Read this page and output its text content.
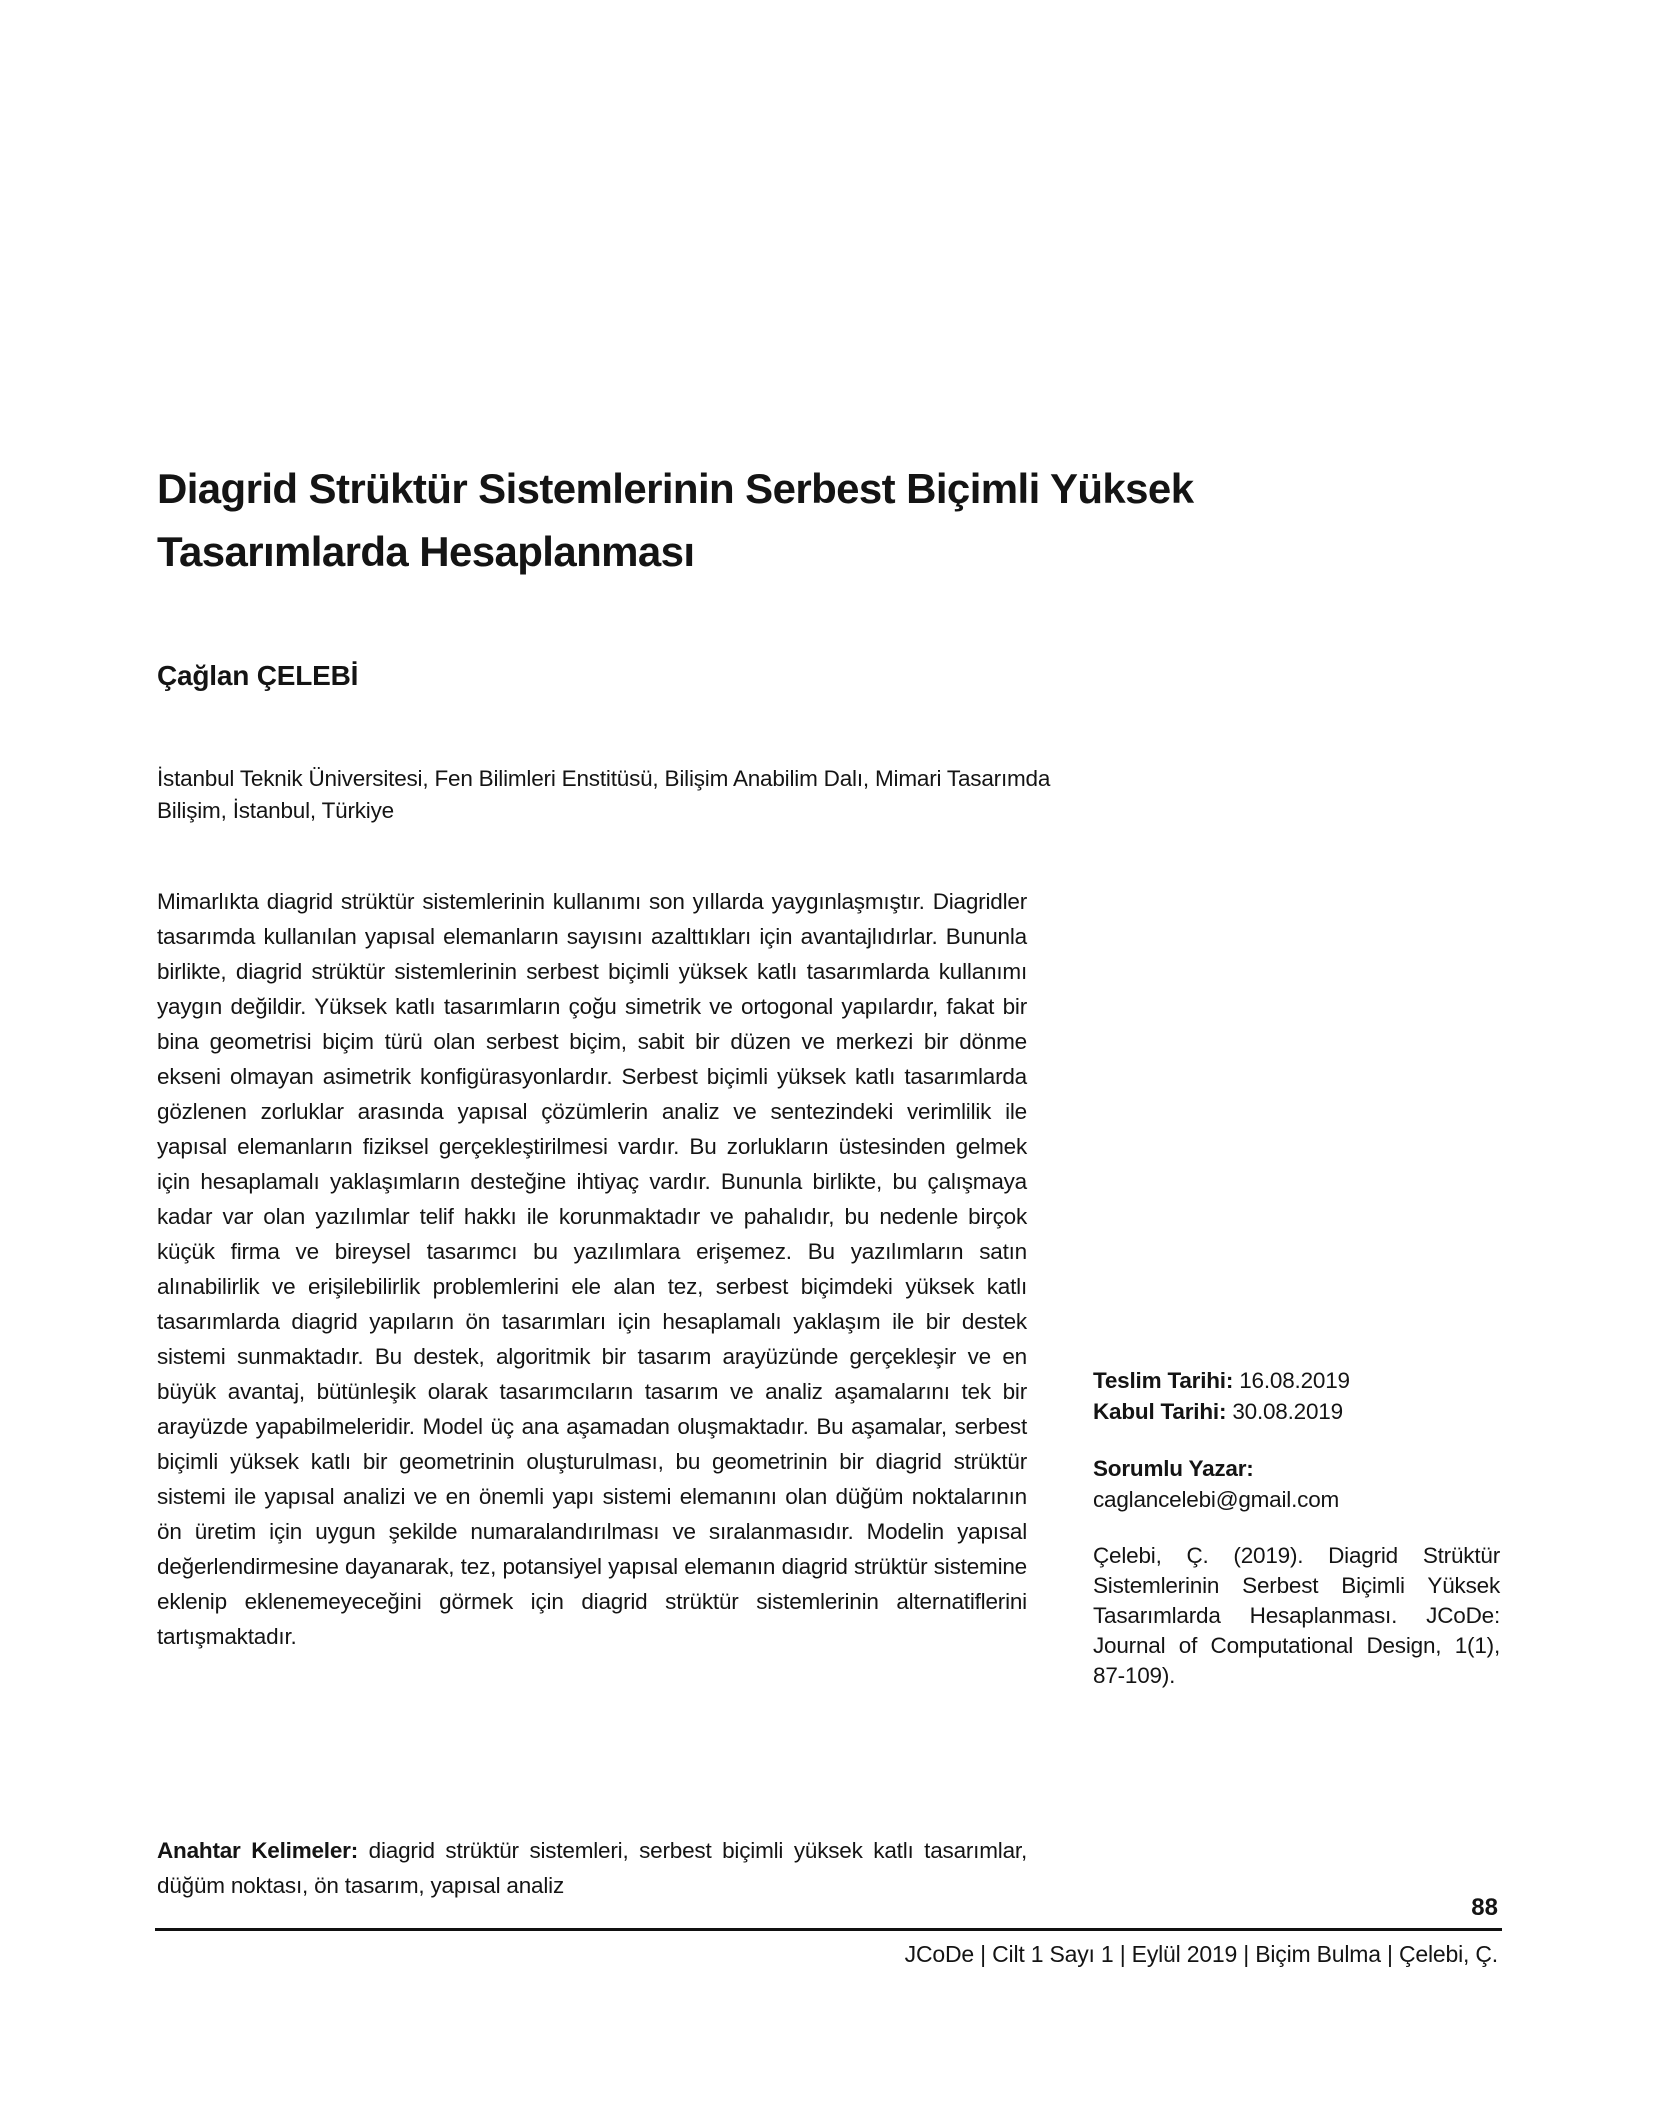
Diagrid Strüktür Sistemlerinin Serbest Biçimli Yüksek
Tasarımlarda Hesaplanması
Çağlan ÇELEBİ
İstanbul Teknik Üniversitesi, Fen Bilimleri Enstitüsü, Bilişim Anabilim Dalı, Mimari Tasarımda Bilişim, İstanbul, Türkiye
Mimarlıkta diagrid strüktür sistemlerinin kullanımı son yıllarda yaygınlaşmıştır. Diagridler tasarımda kullanılan yapısal elemanların sayısını azalttıkları için avantajlıdırlar. Bununla birlikte, diagrid strüktür sistemlerinin serbest biçimli yüksek katlı tasarımlarda kullanımı yaygın değildir. Yüksek katlı tasarımların çoğu simetrik ve ortogonal yapılardır, fakat bir bina geometrisi biçim türü olan serbest biçim, sabit bir düzen ve merkezi bir dönme ekseni olmayan asimetrik konfigürasyonlardır. Serbest biçimli yüksek katlı tasarımlarda gözlenen zorluklar arasında yapısal çözümlerin analiz ve sentezindeki verimlilik ile yapısal elemanların fiziksel gerçekleştirilmesi vardır. Bu zorlukların üstesinden gelmek için hesaplamalı yaklaşımların desteğine ihtiyaç vardır. Bununla birlikte, bu çalışmaya kadar var olan yazılımlar telif hakkı ile korunmaktadır ve pahalıdır, bu nedenle birçok küçük firma ve bireysel tasarımcı bu yazılımlara erişemez. Bu yazılımların satın alınabilirlik ve erişilebilirlik problemlerini ele alan tez, serbest biçimdeki yüksek katlı tasarımlarda diagrid yapıların ön tasarımları için hesaplamalı yaklaşım ile bir destek sistemi sunmaktadır. Bu destek, algoritmik bir tasarım arayüzünde gerçekleşir ve en büyük avantaj, bütünleşik olarak tasarımcıların tasarım ve analiz aşamalarını tek bir arayüzde yapabilmeleridir. Model üç ana aşamadan oluşmaktadır. Bu aşamalar, serbest biçimli yüksek katlı bir geometrinin oluşturulması, bu geometrinin bir diagrid strüktür sistemi ile yapısal analizi ve en önemli yapı sistemi elemanını olan düğüm noktalarının ön üretim için uygun şekilde numaralandırılması ve sıralanmasıdır. Modelin yapısal değerlendirmesine dayanarak, tez, potansiyel yapısal elemanın diagrid strüktür sistemine eklenip eklenemeyeceğini görmek için diagrid strüktür sistemlerinin alternatiflerini tartışmaktadır.
Anahtar Kelimeler: diagrid strüktür sistemleri, serbest biçimli yüksek katlı tasarımlar, düğüm noktası, ön tasarım, yapısal analiz
Teslim Tarihi: 16.08.2019
Kabul Tarihi: 30.08.2019
Sorumlu Yazar:
caglancelebi@gmail.com
Çelebi, Ç. (2019). Diagrid Strüktür Sistemlerinin Serbest Biçimli Yüksek Tasarımlarda Hesaplanması. JCoDe: Journal of Computational Design, 1(1), 87-109).
88
JCoDe | Cilt 1 Sayı 1 | Eylül 2019 | Biçim Bulma | Çelebi, Ç.
